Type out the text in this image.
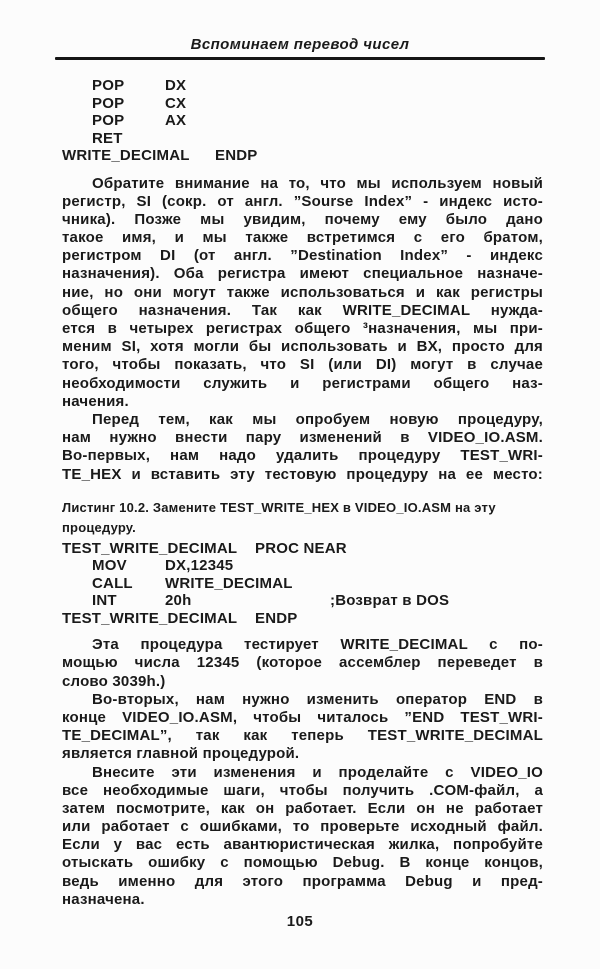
Вспоминаем перевод чисел
POP	DX
POP	CX
POP	AX
RET
WRITE_DECIMAL	ENDP
Обратите внимание на то, что мы используем новый
регистр, SI (сокр. от англ. ”Sourse Index” - индекс исто-
чника). Позже мы увидим, почему ему было дано
такое имя, и мы также встретимся с его братом,
регистром DI (от англ. ”Destination Index” - индекс
назначения). Оба регистра имеют специальное назначе-
ние, но они могут также использоваться и как регистры
общего назначения. Так как WRITE_DECIMAL нужда-
ется в четырех регистрах общего ³назначения, мы при-
меним SI, хотя могли бы использовать и BX, просто для
того, чтобы показать, что SI (или DI) могут в случае
необходимости служить и регистрами общего наз-
начения.
Перед тем, как мы опробуем новую процедуру,
нам нужно внести пару изменений в VIDEO_IO.ASM.
Во-первых, нам надо удалить процедуру TEST_WRI-
TE_HEX и вставить эту тестовую процедуру на ее место:
Листинг 10.2. Замените TEST_WRITE_HEX в VIDEO_IO.ASM на эту
процедуру.
TEST_WRITE_DECIMAL	PROC NEAR
MOV	DX,12345
CALL	WRITE_DECIMAL
INT	20h	;Возврат в DOS
TEST_WRITE_DECIMAL	ENDP
Эта процедура тестирует WRITE_DECIMAL с по-
мощью числа 12345 (которое ассемблер переведет в
слово 3039h.)
Во-вторых, нам нужно изменить оператор END в
конце VIDEO_IO.ASM, чтобы читалось ”END TEST_WRI-
TE_DECIMAL”, так как теперь TEST_WRITE_DECIMAL
является главной процедурой.
Внесите эти изменения и проделайте с VIDEO_IO
все необходимые шаги, чтобы получить .COM-файл, а
затем посмотрите, как он работает. Если он не работает
или работает с ошибками, то проверьте исходный файл.
Если у вас есть авантюристическая жилка, попробуйте
отыскать ошибку с помощью Debug. В конце концов,
ведь именно для этого программа Debug и пред-
назначена.
105
